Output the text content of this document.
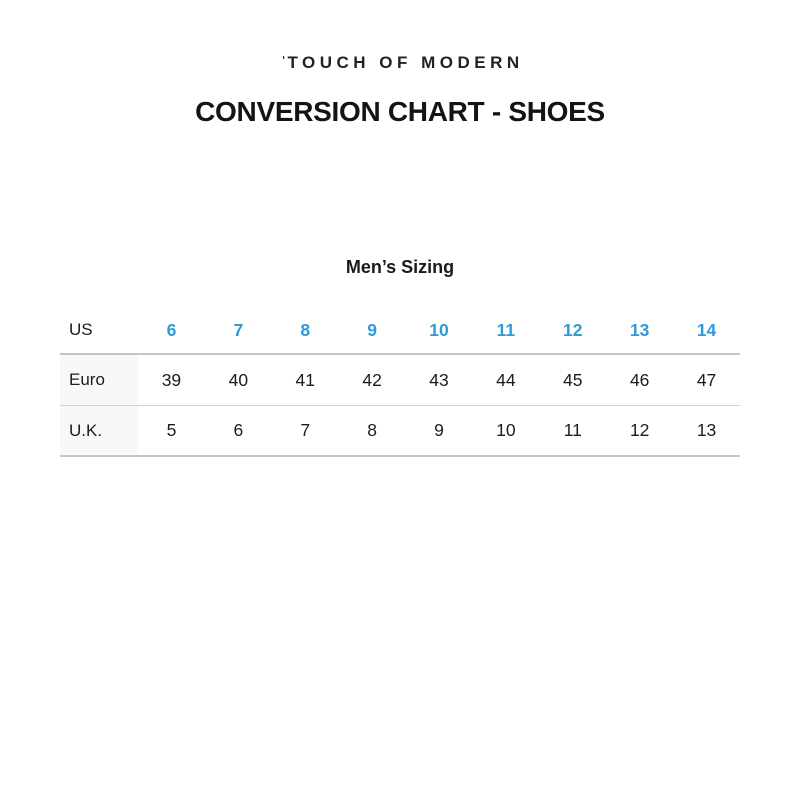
ˈTOUCH OF MODERN
CONVERSION CHART - SHOES
Men’s Sizing
US	6	7	8	9	10	11	12	13	14
Euro	39	40	41	42	43	44	45	46	47
U.K.	5	6	7	8	9	10	11	12	13
